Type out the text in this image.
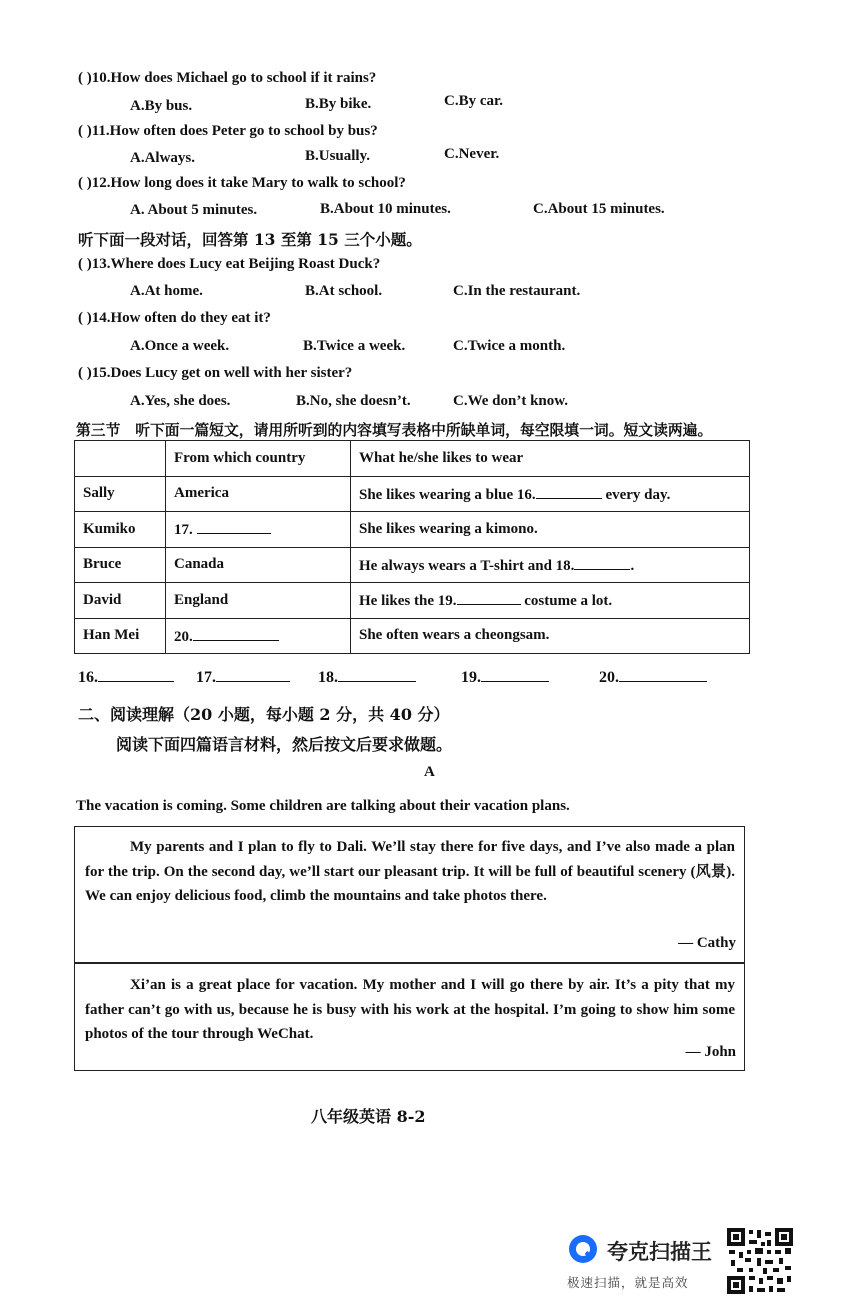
( )10.How does Michael go to school if it rains?
A.By bus.	B.By bike.	C.By car.
( )11.How often does Peter go to school by bus?
A.Always.	B.Usually.	C.Never.
( )12.How long does it take Mary to walk to school?
A. About 5 minutes.	B.About 10 minutes.	C.About 15 minutes.
听下面一段对话，回答第 13 至第 15 三个小题。
( )13.Where does Lucy eat Beijing Roast Duck?
A.At home.	B.At school.	C.In the restaurant.
( )14.How often do they eat it?
A.Once a week.	B.Twice a week.	C.Twice a month.
( )15.Does Lucy get on well with her sister?
A.Yes, she does.	B.No, she doesn’t.	C.We don’t know.
第三节　听下面一篇短文，请用所听到的内容填写表格中所缺单词，每空限填一词。短文读两遍。
	From which country	What he/she likes to wear
Sally	America	She likes wearing a blue 16. every day.
Kumiko	17.	She likes wearing a kimono.
Bruce	Canada	He always wears a T-shirt and 18. .
David	England	He likes the 19. costume a lot.
Han Mei	20.	She often wears a cheongsam.
16.	17.	18.	19.	20.
二、阅读理解（20 小题，每小题 2 分，共 40 分）
阅读下面四篇语言材料，然后按文后要求做题。
A
The vacation is coming. Some children are talking about their vacation plans.

My parents and I plan to fly to Dali. We’ll stay there for five days, and I’ve also made a plan for the trip. On the second day, we’ll start our pleasant trip. It will be full of beautiful scenery (风景). We can enjoy delicious food, climb the mountains and take photos there.

— Cathy

Xi’an is a great place for vacation. My mother and I will go there by air. It’s a pity that my father can’t go with us, because he is busy with his work at the hospital. I’m going to show him some photos of the tour through WeChat.

— John
八年级英语 8-2
夸克扫描王
极速扫描，就是高效
